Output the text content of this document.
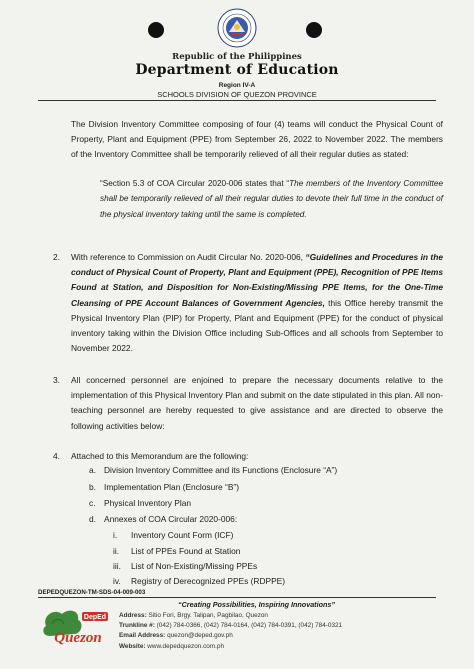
Republic of the Philippines
Department of Education
Region IV-A
SCHOOLS DIVISION OF QUEZON PROVINCE
The Division Inventory Committee composing of four (4) teams will conduct the Physical Count of Property, Plant and Equipment (PPE) from September 26, 2022 to November 2022. The members of the Inventory Committee shall be temporarily relieved of all their regular duties as stated:
“Section 5.3 of COA Circular 2020-006 states that “The members of the Inventory Committee shall be temporarily relieved of all their regular duties to devote their full time in the conduct of the physical inventory taking until the same is completed.
2. With reference to Commission on Audit Circular No. 2020-006, “Guidelines and Procedures in the conduct of Physical Count of Property, Plant and Equipment (PPE), Recognition of PPE Items Found at Station, and Disposition for Non-Existing/Missing PPE Items, for the One-Time Cleansing of PPE Account Balances of Government Agencies, this Office hereby transmit the Physical Inventory Plan (PIP) for Property, Plant and Equipment (PPE) for the conduct of physical inventory taking within the Division Office including Sub-Offices and all schools from September to November 2022.
3. All concerned personnel are enjoined to prepare the necessary documents relative to the implementation of this Physical Inventory Plan and submit on the date stipulated in this plan. All non-teaching personnel are hereby requested to give assistance and are directed to observe the following activities below:
4. Attached to this Memorandum are the following:
a. Division Inventory Committee and its Functions (Enclosure “A”)
b. Implementation Plan (Enclosure “B”)
c. Physical Inventory Plan
d. Annexes of COA Circular 2020-006:
i. Inventory Count Form (ICF)
ii. List of PPEs Found at Station
iii. List of Non-Existing/Missing PPEs
iv. Registry of Derecognized PPEs (RDPPE)
DEPEDQUEZON-TM-SDS-04-009-003
“Creating Possibilities, Inspiring Innovations”
DepEd
Quezon
Address: Sitio Fori, Brgy. Talipan, Pagbilao, Quezon
Trunkline #: (042) 784-0366, (042) 784-0164, (042) 784-0391, (042) 784-0321
Email Address: quezon@deped.gov.ph
Website: www.depedquezon.com.ph
